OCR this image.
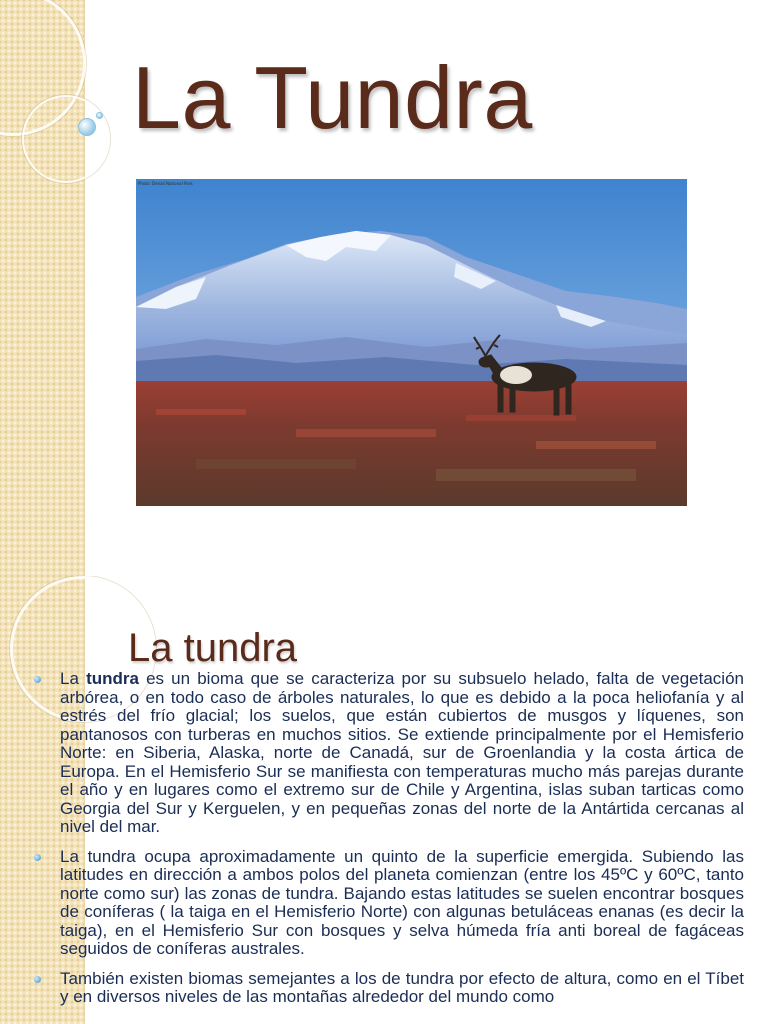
La Tundra
Photo: Denali National Park
La tundra
La tundra es un bioma que se caracteriza por su subsuelo helado, falta de vegetación arbórea, o en todo caso de árboles naturales, lo que es debido a la poca heliofanía y al estrés del frío glacial; los suelos, que están cubiertos de musgos y líquenes, son pantanosos con turberas en muchos sitios. Se extiende principalmente por el Hemisferio Norte: en Siberia, Alaska, norte de Canadá, sur de Groenlandia y la costa ártica de Europa. En el Hemisferio Sur se manifiesta con temperaturas mucho más parejas durante el año y en lugares como el extremo sur de Chile y Argentina, islas suban tarticas como Georgia del Sur y Kerguelen, y en pequeñas zonas del norte de la Antártida cercanas al nivel del mar.
La tundra ocupa aproximadamente un quinto de la superficie emergida. Subiendo las latitudes en dirección a ambos polos del planeta comienzan (entre los 45ºC y 60ºC, tanto norte como sur) las zonas de tundra. Bajando estas latitudes se suelen encontrar bosques de coníferas ( la taiga en el Hemisferio Norte) con algunas betuláceas enanas (es decir la taiga), en el Hemisferio Sur con bosques y selva húmeda fría anti boreal de fagáceas seguidos de coníferas australes.
También existen biomas semejantes a los de tundra por efecto de altura, como en el Tíbet y en diversos niveles de las montañas alrededor del mundo como
